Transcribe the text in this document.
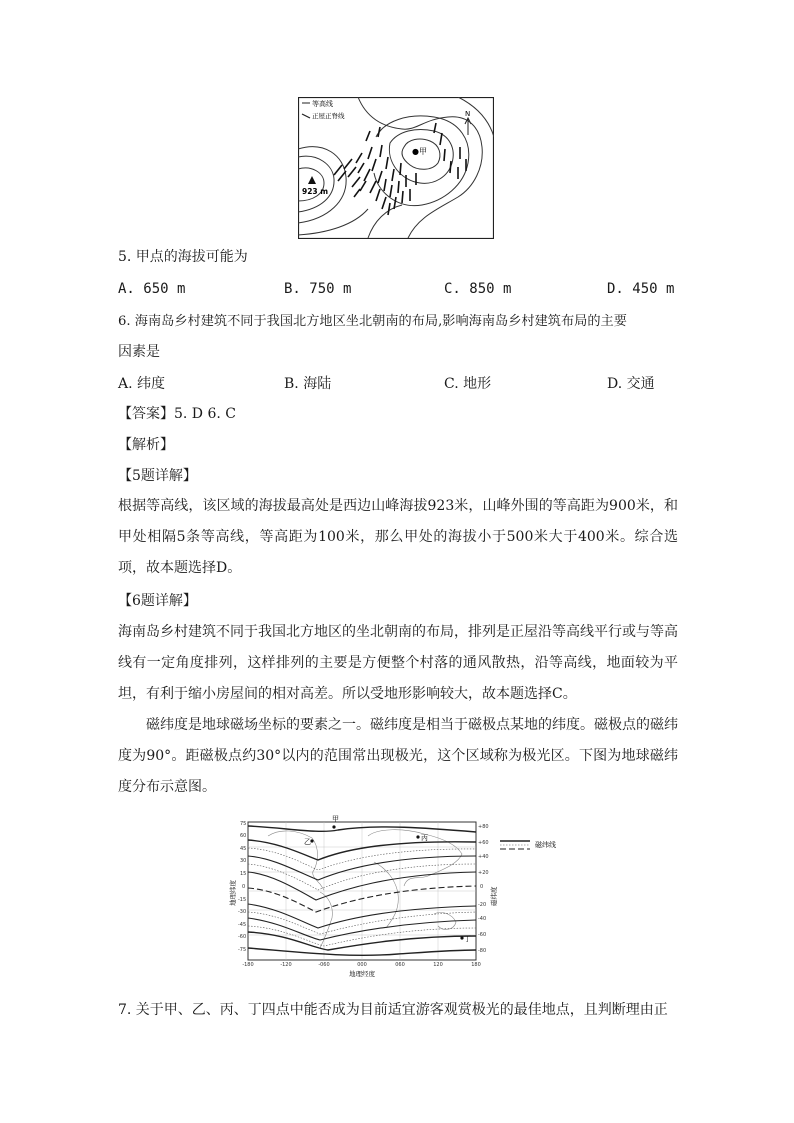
等高线
正屋正脊线	N
●甲
923 m
5. 甲点的海拔可能为
A. 650 m	B. 750 m	C. 850 m	D. 450 m
6. 海南岛乡村建筑不同于我国北方地区坐北朝南的布局,影响海南岛乡村建筑布局的主要
因素是
A. 纬度	B. 海陆	C. 地形	D. 交通
【答案】5. D 6. C
【解析】
【5题详解】
根据等高线，该区域的海拔最高处是西边山峰海拔923米，山峰外围的等高距为900米，和甲处相隔5条等高线，等高距为100米，那么甲处的海拔小于500米大于400米。综合选项，故本题选择D。
【6题详解】
海南岛乡村建筑不同于我国北方地区的坐北朝南的布局，排列是正屋沿等高线平行或与等高线有一定角度排列，这样排列的主要是方便整个村落的通风散热，沿等高线，地面较为平坦，有利于缩小房屋间的相对高差。所以受地形影响较大，故本题选择C。
磁纬度是地球磁场坐标的要素之一。磁纬度是相当于磁极点某地的纬度。磁极点的磁纬度为90°。距磁极点约30°以内的范围常出现极光，这个区域称为极光区。下图为地球磁纬度分布示意图。
甲
乙	丙
丁
75
60
45
30
15
0
-15
-30
-45
-60
-75
+80
+60
+40
+20
0
-20
-40
-60
-80
-180	-120	-060	000	060	120	180
地理经度
地理纬度	磁纬度
磁纬线
7. 关于甲、乙、丙、丁四点中能否成为目前适宜游客观赏极光的最佳地点，且判断理由正
